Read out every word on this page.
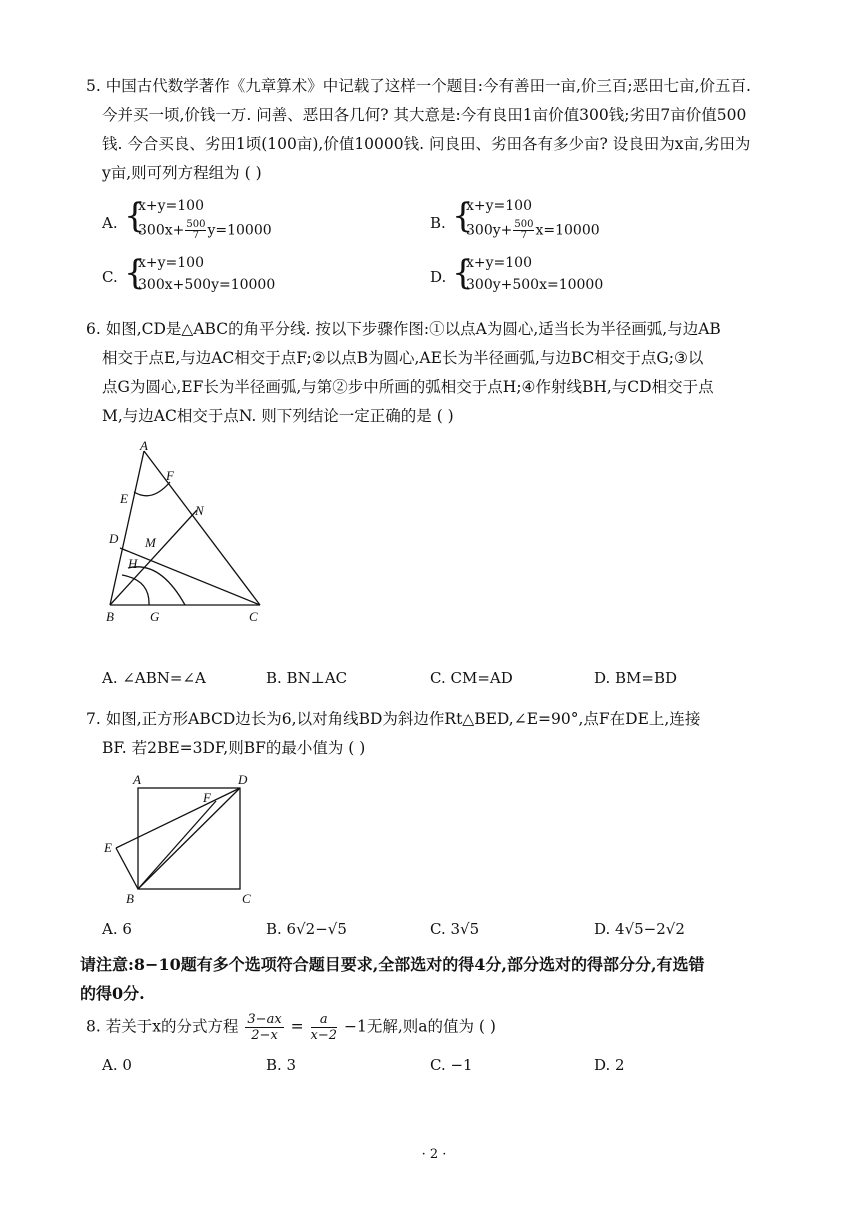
5. 中国古代数学著作《九章算术》中记载了这样一个题目:今有善田一亩,价三百;恶田七亩,价五百.
今并买一顷,价钱一万. 问善、恶田各几何? 其大意是:今有良田1亩价值300钱;劣田7亩价值500
钱. 今合买良、劣田1顷(100亩),价值10000钱. 问良田、劣田各有多少亩? 设良田为x亩,劣田为
y亩,则可列方程组为 ( )
A. {
x+y=100
$300x+ \frac{500}{7} y=10000$	B. {
x+y=100
$300y+ \frac{500}{7} x=10000$
C. {
x+y=100
300x+500y=10000	D. {
x+y=100
300y+500x=10000
6. 如图,CD是△ABC的角平分线. 按以下步骤作图:①以点A为圆心,适当长为半径画弧,与边AB
相交于点E,与边AC相交于点F;②以点B为圆心,AE长为半径画弧,与边BC相交于点G;③以
点G为圆心,EF长为半径画弧,与第②步中所画的弧相交于点H;④作射线BH,与CD相交于点
M,与边AC相交于点N. 则下列结论一定正确的是 ( )
A
F
E
N
D M
H
B	G	C
A. ∠ABN=∠A	B. BN⊥AC	C. CM=AD	D. BM=BD
7. 如图,正方形ABCD边长为6,以对角线BD为斜边作Rt△BED,∠E=90°,点F在DE上,连接
BF. 若2BE=3DF,则BF的最小值为 ( )
A	D
F
E
B	C
A. 6	B. 6√2−√5	C. 3√5	D. 4√5−2√2
请注意:8−10题有多个选项符合题目要求,全部选对的得4分,部分选对的得部分分,有选错
的得0分.
8. 若关于x的分式方程 $\frac{3-ax}{2-x} = \frac{a}{x-2} -1$无解,则a的值为 ( )
A. 0	B. 3	C. −1	D. 2
· 2 ·
